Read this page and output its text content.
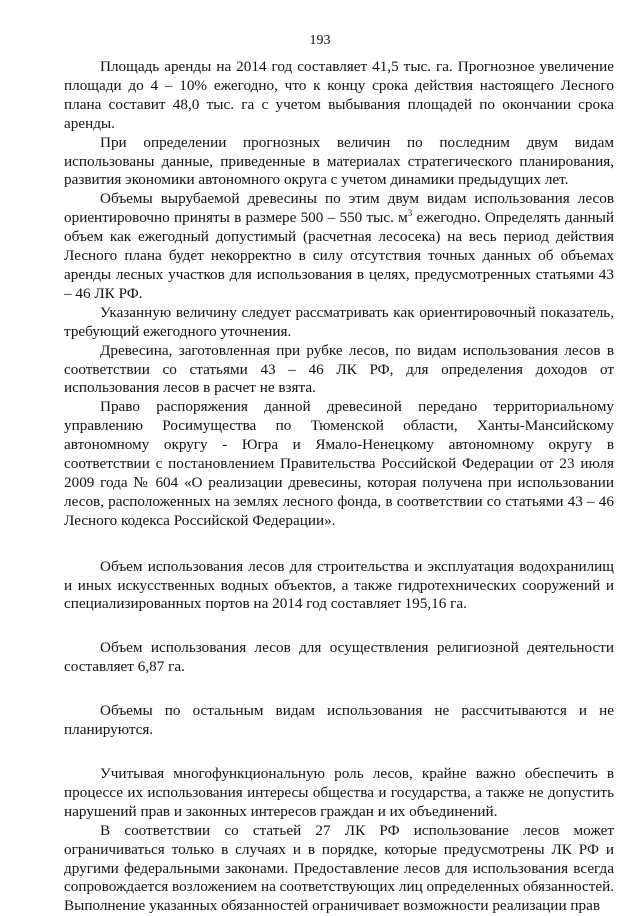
193

Площадь аренды на 2014 год составляет 41,5 тыс. га. Прогнозное увеличение площади до 4 – 10% ежегодно, что к концу срока действия настоящего Лесного плана составит 48,0 тыс. га с учетом выбывания площадей по окончании срока аренды.

При определении прогнозных величин по последним двум видам использованы данные, приведенные в материалах стратегического планирования, развития экономики автономного округа с учетом динамики предыдущих лет.

Объемы вырубаемой древесины по этим двум видам использования лесов ориентировочно приняты в размере 500 – 550 тыс. $м^3$ ежегодно. Определять данный объем как ежегодный допустимый (расчетная лесосека) на весь период действия Лесного плана будет некорректно в силу отсутствия точных данных об объемах аренды лесных участков для использования в целях, предусмотренных статьями 43 – 46 ЛК РФ.

Указанную величину следует рассматривать как ориентировочный показатель, требующий ежегодного уточнения.

Древесина, заготовленная при рубке лесов, по видам использования лесов в соответствии со статьями 43 – 46 ЛК РФ, для определения доходов от использования лесов в расчет не взята.

Право распоряжения данной древесиной передано территориальному управлению Росимущества по Тюменской области, Ханты-Мансийскому автономному округу - Югра и Ямало-Ненецкому автономному округу в соответствии с постановлением Правительства Российской Федерации от 23 июля 2009 года № 604 «О реализации древесины, которая получена при использовании лесов, расположенных на землях лесного фонда, в соответствии со статьями 43 – 46 Лесного кодекса Российской Федерации».

Объем использования лесов для строительства и эксплуатация водохранилищ и иных искусственных водных объектов, а также гидротехнических сооружений и специализированных портов на 2014 год составляет 195,16 га.

Объем использования лесов для осуществления религиозной деятельности составляет 6,87 га.

Объемы по остальным видам использования не рассчитываются и не планируются.

Учитывая многофункциональную роль лесов, крайне важно обеспечить в процессе их использования интересы общества и государства, а также не допустить нарушений прав и законных интересов граждан и их объединений.

В соответствии со статьей 27 ЛК РФ использование лесов может ограничиваться только в случаях и в порядке, которые предусмотрены ЛК РФ и другими федеральными законами. Предоставление лесов для использования всегда сопровождается возложением на соответствующих лиц определенных обязанностей. Выполнение указанных обязанностей ограничивает возможности реализации прав
